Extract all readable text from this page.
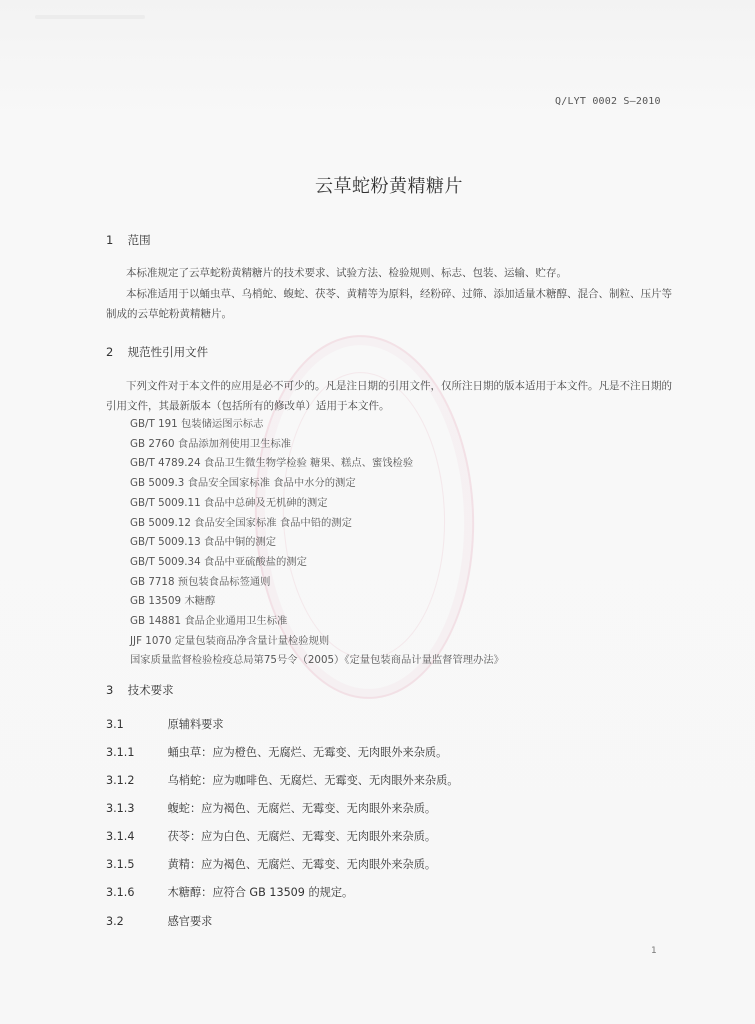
Q/LYT 0002 S—2010
云草蛇粉黄精糖片
1 范围
本标准规定了云草蛇粉黄精糖片的技术要求、试验方法、检验规则、标志、包装、运输、贮存。
本标准适用于以蛹虫草、乌梢蛇、蝮蛇、茯苓、黄精等为原料，经粉碎、过筛、添加适量木糖醇、混合、制粒、压片等制成的云草蛇粉黄精糖片。
2 规范性引用文件
下列文件对于本文件的应用是必不可少的。凡是注日期的引用文件，仅所注日期的版本适用于本文件。凡是不注日期的引用文件，其最新版本（包括所有的修改单）适用于本文件。
GB/T 191 包装储运图示标志
GB 2760 食品添加剂使用卫生标准
GB/T 4789.24 食品卫生微生物学检验 糖果、糕点、蜜饯检验
GB 5009.3 食品安全国家标准 食品中水分的测定
GB/T 5009.11 食品中总砷及无机砷的测定
GB 5009.12 食品安全国家标准 食品中铅的测定
GB/T 5009.13 食品中铜的测定
GB/T 5009.34 食品中亚硫酸盐的测定
GB 7718 预包装食品标签通则
GB 13509 木糖醇
GB 14881 食品企业通用卫生标准
JJF 1070 定量包装商品净含量计量检验规则
国家质量监督检验检疫总局第75号令（2005）《定量包装商品计量监督管理办法》
3 技术要求
3.1	原辅料要求
3.1.1	蛹虫草：应为橙色、无腐烂、无霉变、无肉眼外来杂质。
3.1.2	乌梢蛇：应为咖啡色、无腐烂、无霉变、无肉眼外来杂质。
3.1.3	蝮蛇：应为褐色、无腐烂、无霉变、无肉眼外来杂质。
3.1.4	茯苓：应为白色、无腐烂、无霉变、无肉眼外来杂质。
3.1.5	黄精：应为褐色、无腐烂、无霉变、无肉眼外来杂质。
3.1.6	木糖醇：应符合 GB 13509 的规定。
3.2	感官要求
1
